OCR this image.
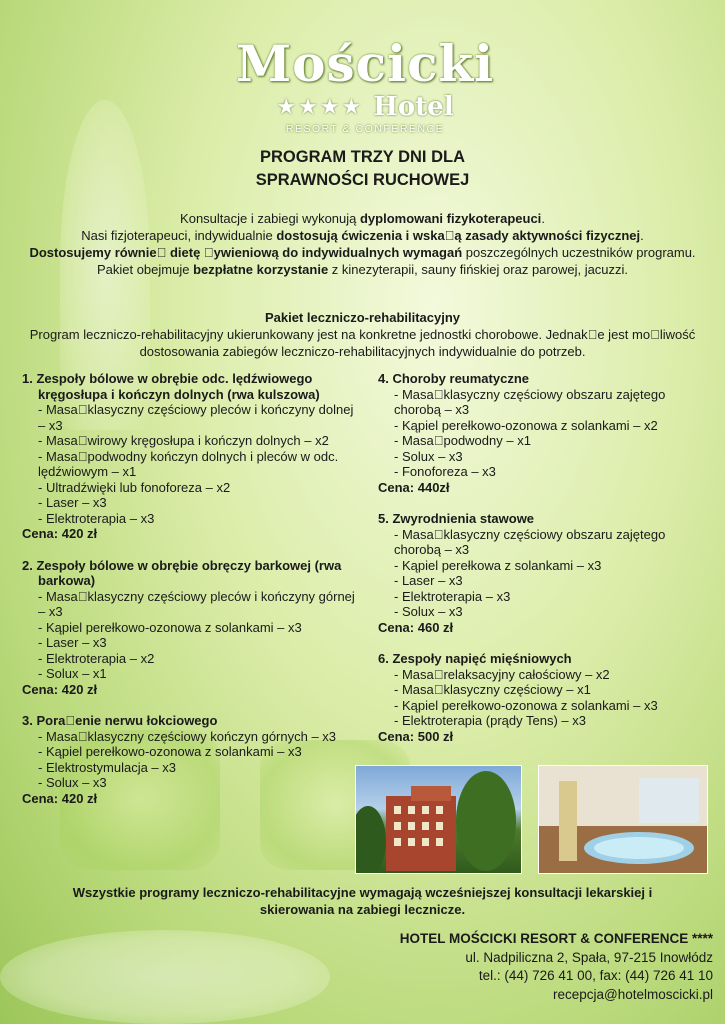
Mościcki
★★★★ Hotel
RESORT & CONFERENCE
PROGRAM TRZY DNI DLA
SPRAWNOŚCI RUCHOWEJ
Konsultacje i zabiegi wykonują dyplomowani fizykoterapeuci.
Nasi fizjoterapeuci, indywidualnie dostosują ćwiczenia i wska ą zasady aktywności fizycznej.
Dostosujemy równie  dietę  ywieniową do indywidualnych wymagań poszczególnych uczestników programu.
Pakiet obejmuje bezpłatne korzystanie z kinezyterapii, sauny fińskiej oraz parowej, jacuzzi.
Pakiet leczniczo-rehabilitacyjny
Program leczniczo-rehabilitacyjny ukierunkowany jest na konkretne jednostki chorobowe. Jednak e jest mo liwość dostosowania zabiegów leczniczo-rehabilitacyjnych indywidualnie do potrzeb.
1. Zespoły bólowe w obrębie odc. lędźwiowego kręgosłupa i kończyn dolnych (rwa kulszowa)
- Masa klasyczny częściowy pleców i kończyny dolnej – x3
- Masa wirowy kręgosłupa i kończyn dolnych – x2
- Masa podwodny kończyn dolnych i pleców w odc. lędźwiowym – x1
- Ultradźwięki lub fonoforeza – x2
- Laser – x3
- Elektroterapia – x3
Cena: 420 zł
2. Zespoły bólowe w obrębie obręczy barkowej (rwa barkowa)
- Masa klasyczny częściowy pleców i kończyny górnej – x3
- Kąpiel perełkowo-ozonowa z solankami – x3
- Laser – x3
- Elektroterapia – x2
- Solux – x1
Cena: 420 zł
3. Pora enie nerwu łokciowego
- Masa klasyczny częściowy kończyn górnych – x3
- Kąpiel perełkowo-ozonowa z solankami – x3
- Elektrostymulacja – x3
- Solux – x3
Cena: 420 zł
4. Choroby reumatyczne
- Masa klasyczny częściowy obszaru zajętego chorobą – x3
- Kąpiel perełkowo-ozonowa z solankami – x2
- Masa podwodny – x1
- Solux – x3
- Fonoforeza – x3
Cena: 440zł
5. Zwyrodnienia stawowe
- Masa klasyczny częściowy obszaru zajętego chorobą – x3
- Kąpiel perełkowa z solankami – x3
- Laser – x3
- Elektroterapia – x3
- Solux – x3
Cena: 460 zł
6. Zespoły napięć mięśniowych
- Masa relaksacyjny całościowy – x2
- Masa klasyczny częściowy – x1
- Kąpiel perełkowo-ozonowa z solankami – x3
- Elektroterapia (prądy Tens) – x3
Cena: 500 zł
Wszystkie programy leczniczo-rehabilitacyjne wymagają wcześniejszej konsultacji lekarskiej i skierowania na zabiegi lecznicze.
HOTEL MOŚCICKI RESORT & CONFERENCE ****
ul. Nadpiliczna 2, Spała, 97-215 Inowłódz
tel.: (44) 726 41 00, fax: (44) 726 41 10
recepcja@hotelmoscicki.pl
